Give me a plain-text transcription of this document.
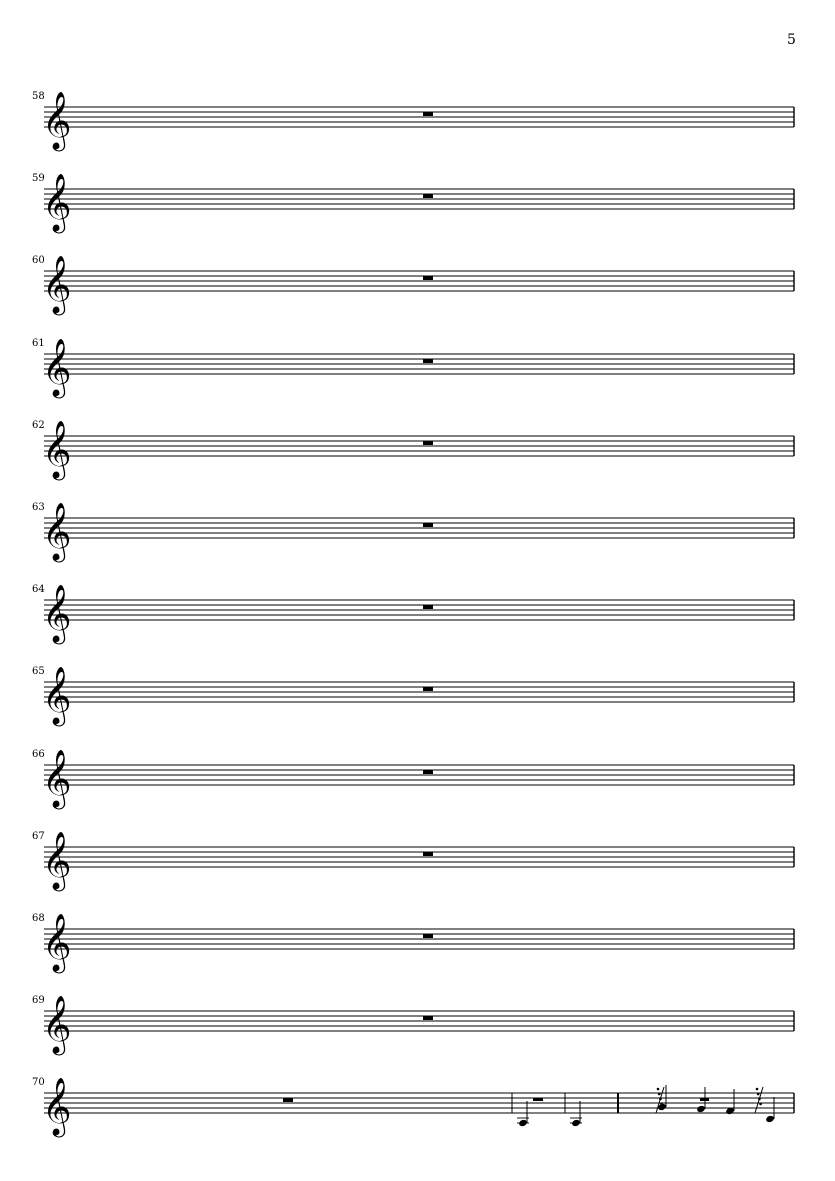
5
58
𝄞
59
𝄞
60
𝄞
61
𝄞
62
𝄞
63
𝄞
64
𝄞
65
𝄞
66
𝄞
67
𝄞
68
𝄞
69
𝄞
70
𝄞
